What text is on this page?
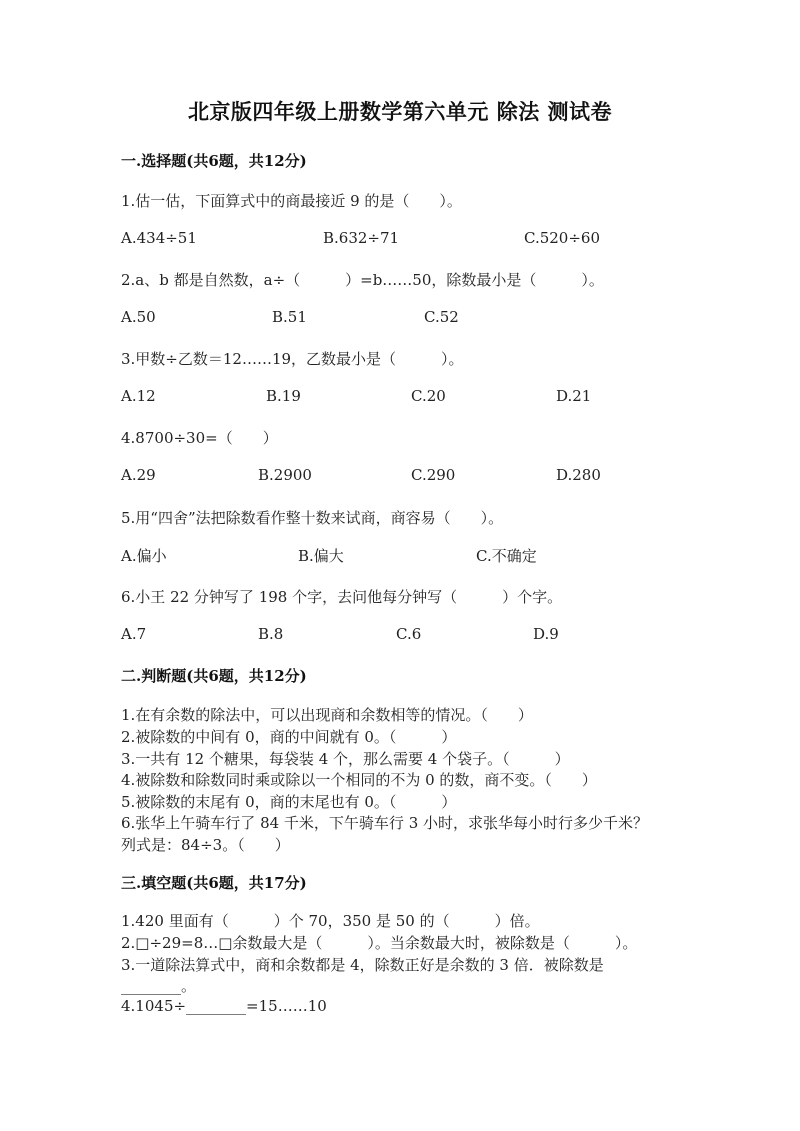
北京版四年级上册数学第六单元 除法 测试卷
一.选择题(共6题，共12分)
1.估一估，下面算式中的商最接近 9 的是（　　）。
A.434÷51	B.632÷71	C.520÷60
2.a、b 都是自然数，a÷（　　　）=b……50，除数最小是（　　　）。
A.50	B.51	C.52
3.甲数÷乙数＝12……19，乙数最小是（　　　）。
A.12	B.19	C.20	D.21
4.8700÷30=（　　）
A.29	B.2900	C.290	D.280
5.用“四舍”法把除数看作整十数来试商，商容易（　　）。
A.偏小	B.偏大	C.不确定
6.小王 22 分钟写了 198 个字，去问他每分钟写（　　　）个字。
A.7	B.8	C.6	D.9
二.判断题(共6题，共12分)
1.在有余数的除法中，可以出现商和余数相等的情况。（　　）
2.被除数的中间有 0，商的中间就有 0。（　　　）
3.一共有 12 个糖果，每袋装 4 个，那么需要 4 个袋子。（　　　）
4.被除数和除数同时乘或除以一个相同的不为 0 的数，商不变。（　　）
5.被除数的末尾有 0，商的末尾也有 0。（　　　）
6.张华上午骑车行了 84 千米，下午骑车行 3 小时，求张华每小时行多少千米？
列式是：84÷3。（　　）
三.填空题(共6题，共17分)
1.420 里面有（　　　）个 70，350 是 50 的（　　　）倍。
2.□÷29=8…□余数最大是（　　　）。当余数最大时，被除数是（　　　）。
3.一道除法算式中，商和余数都是 4，除数正好是余数的 3 倍．被除数是
________。
4.1045÷________=15……10
